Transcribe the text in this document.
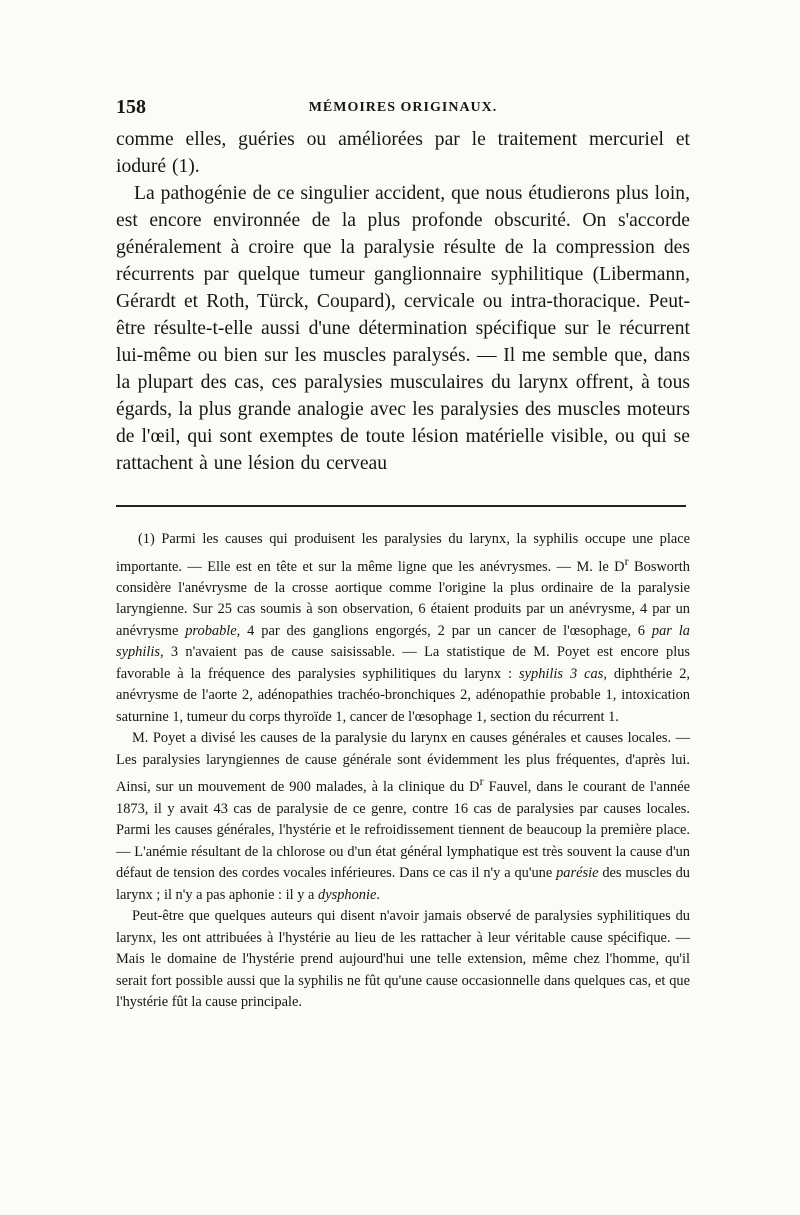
158	MÉMOIRES ORIGINAUX.

comme elles, guéries ou améliorées par le traitement mercuriel et ioduré (1).

La pathogénie de ce singulier accident, que nous étudierons plus loin, est encore environnée de la plus profonde obscurité. On s'accorde généralement à croire que la paralysie résulte de la compression des récurrents par quelque tumeur ganglionnaire syphilitique (Libermann, Gérardt et Roth, Türck, Coupard), cervicale ou intra-thoracique. Peut-être résulte-t-elle aussi d'une détermination spécifique sur le récurrent lui-même ou bien sur les muscles paralysés. — Il me semble que, dans la plupart des cas, ces paralysies musculaires du larynx offrent, à tous égards, la plus grande analogie avec les paralysies des muscles moteurs de l'œil, qui sont exemptes de toute lésion matérielle visible, ou qui se rattachent à une lésion du cerveau

(1) Parmi les causes qui produisent les paralysies du larynx, la syphilis occupe une place importante. — Elle est en tête et sur la même ligne que les anévrysmes. — M. le $D^r$ Bosworth considère l'anévrysme de la crosse aortique comme l'origine la plus ordinaire de la paralysie laryngienne. Sur 25 cas soumis à son observation, 6 étaient produits par un anévrysme, 4 par un anévrysme probable, 4 par des ganglions engorgés, 2 par un cancer de l'œsophage, 6 par la syphilis, 3 n'avaient pas de cause saisissable. — La statistique de M. Poyet est encore plus favorable à la fréquence des paralysies syphilitiques du larynx : syphilis 3 cas, diphthérie 2, anévrysme de l'aorte 2, adénopathies trachéo-bronchiques 2, adénopathie probable 1, intoxication saturnine 1, tumeur du corps thyroïde 1, cancer de l'œsophage 1, section du récurrent 1.

M. Poyet a divisé les causes de la paralysie du larynx en causes générales et causes locales. — Les paralysies laryngiennes de cause générale sont évidemment les plus fréquentes, d'après lui. Ainsi, sur un mouvement de 900 malades, à la clinique du $D^r$ Fauvel, dans le courant de l'année 1873, il y avait 43 cas de paralysie de ce genre, contre 16 cas de paralysies par causes locales. Parmi les causes générales, l'hystérie et le refroidissement tiennent de beaucoup la première place. — L'anémie résultant de la chlorose ou d'un état général lymphatique est très souvent la cause d'un défaut de tension des cordes vocales inférieures. Dans ce cas il n'y a qu'une parésie des muscles du larynx ; il n'y a pas aphonie : il y a dysphonie.

Peut-être que quelques auteurs qui disent n'avoir jamais observé de paralysies syphilitiques du larynx, les ont attribuées à l'hystérie au lieu de les rattacher à leur véritable cause spécifique. — Mais le domaine de l'hystérie prend aujourd'hui une telle extension, même chez l'homme, qu'il serait fort possible aussi que la syphilis ne fût qu'une cause occasionnelle dans quelques cas, et que l'hystérie fût la cause principale.
